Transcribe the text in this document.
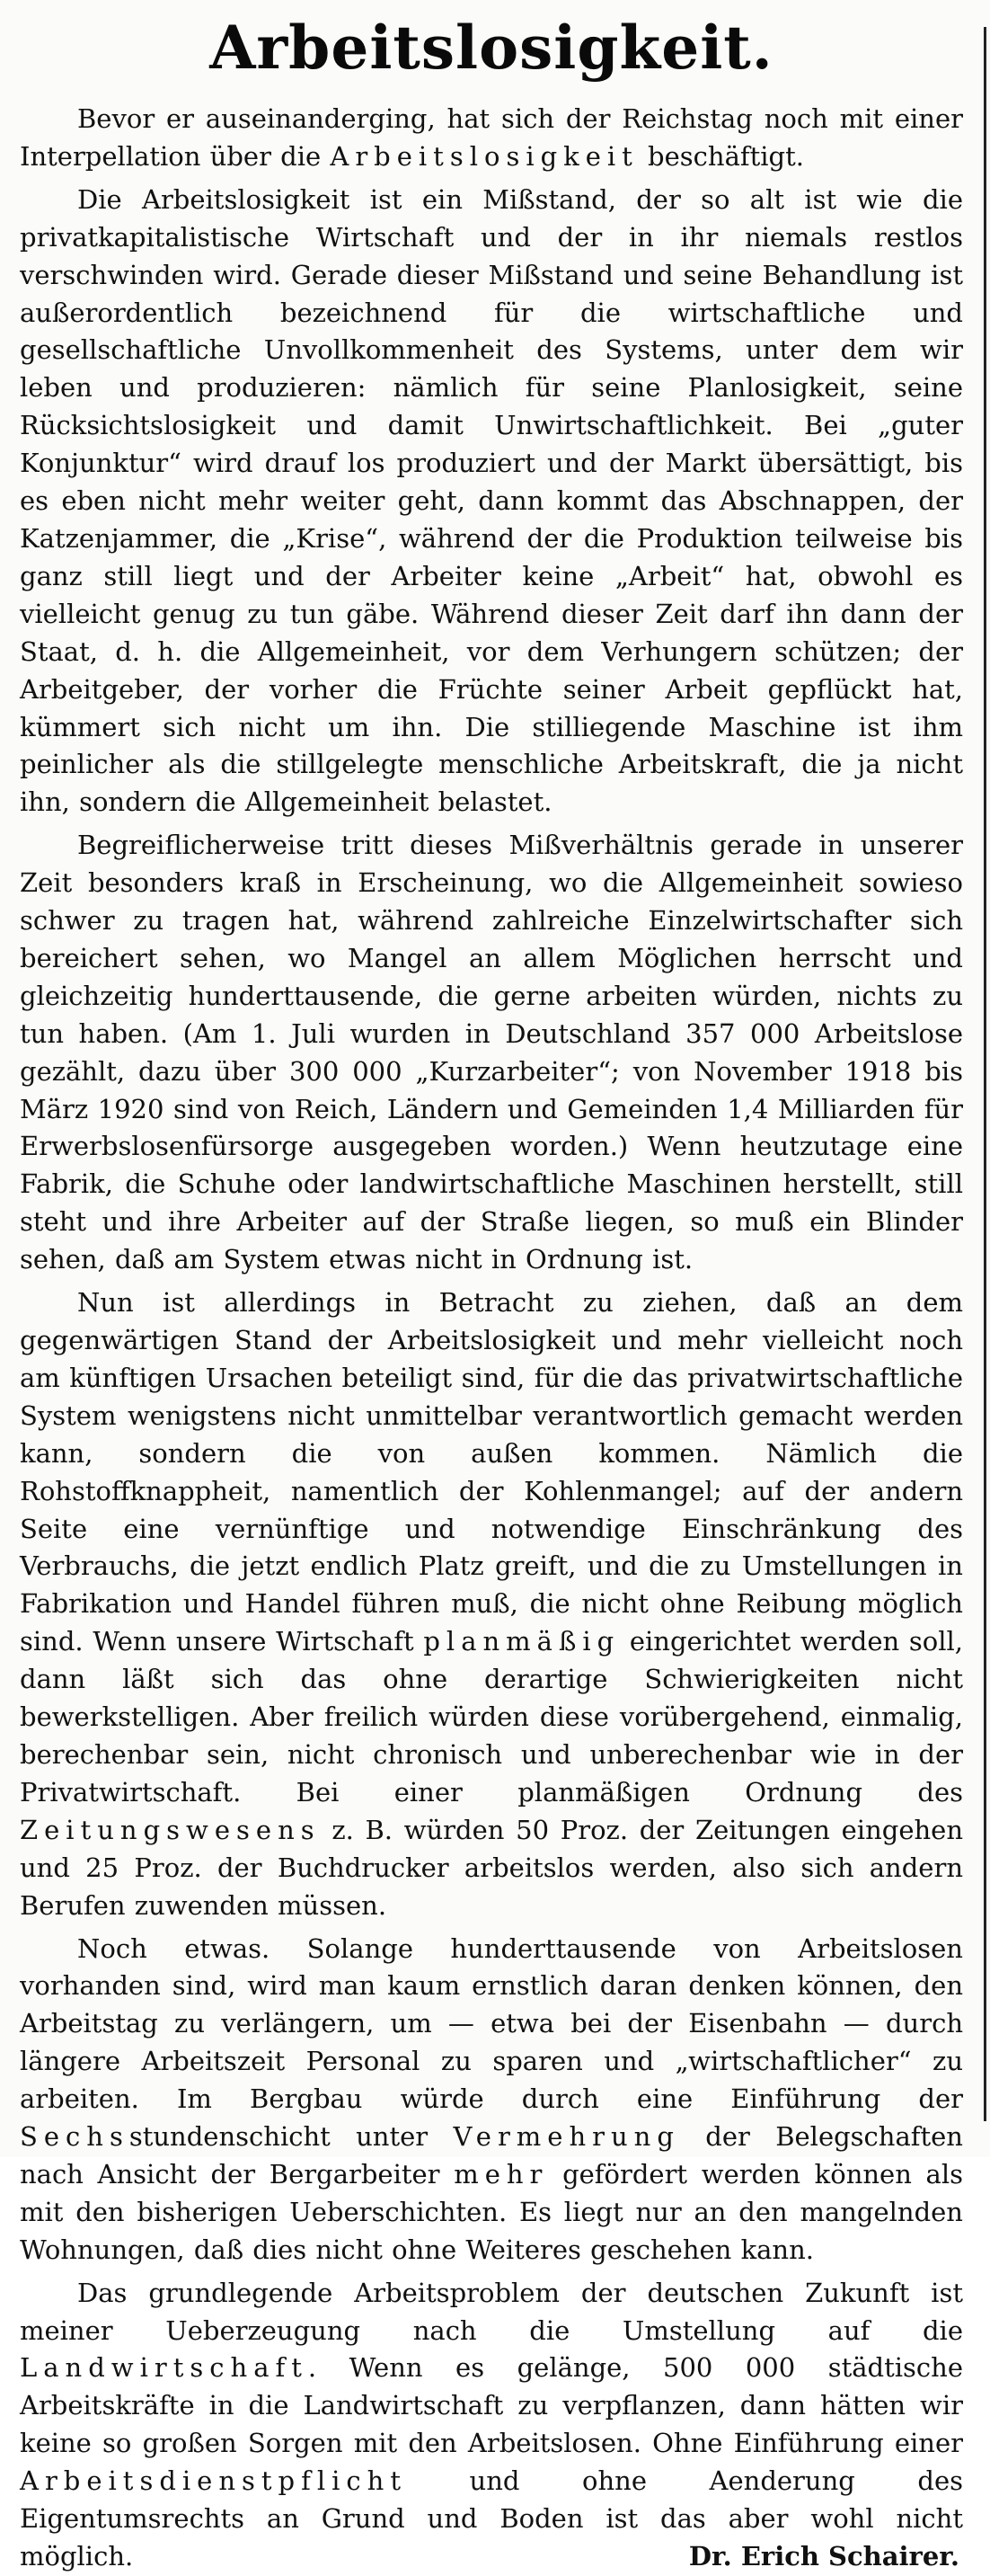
Arbeitslosigkeit.

Bevor er auseinanderging, hat sich der Reichstag noch mit einer Interpellation über die Arbeitslosigkeit beschäftigt.

Die Arbeitslosigkeit ist ein Mißstand, der so alt ist wie die privatkapitalistische Wirtschaft und der in ihr niemals restlos verschwinden wird. Gerade dieser Mißstand und seine Behandlung ist außerordentlich bezeichnend für die wirtschaftliche und gesellschaftliche Unvollkommenheit des Systems, unter dem wir leben und produzieren: nämlich für seine Planlosigkeit, seine Rücksichtslosigkeit und damit Unwirtschaftlichkeit. Bei „guter Konjunktur“ wird drauf los produziert und der Markt übersättigt, bis es eben nicht mehr weiter geht, dann kommt das Abschnappen, der Katzenjammer, die „Krise“, während der die Produktion teilweise bis ganz still liegt und der Arbeiter keine „Arbeit“ hat, obwohl es vielleicht genug zu tun gäbe. Während dieser Zeit darf ihn dann der Staat, d. h. die Allgemeinheit, vor dem Verhungern schützen; der Arbeitgeber, der vorher die Früchte seiner Arbeit gepflückt hat, kümmert sich nicht um ihn. Die stilliegende Maschine ist ihm peinlicher als die stillgelegte menschliche Arbeitskraft, die ja nicht ihn, sondern die Allgemeinheit belastet.

Begreiflicherweise tritt dieses Mißverhältnis gerade in unserer Zeit besonders kraß in Erscheinung, wo die Allgemeinheit sowieso schwer zu tragen hat, während zahlreiche Einzelwirtschafter sich bereichert sehen, wo Mangel an allem Möglichen herrscht und gleichzeitig hunderttausende, die gerne arbeiten würden, nichts zu tun haben. (Am 1. Juli wurden in Deutschland 357 000 Arbeitslose gezählt, dazu über 300 000 „Kurzarbeiter“; von November 1918 bis März 1920 sind von Reich, Ländern und Gemeinden 1,4 Milliarden für Erwerbslosenfürsorge ausgegeben worden.) Wenn heutzutage eine Fabrik, die Schuhe oder landwirtschaftliche Maschinen herstellt, still steht und ihre Arbeiter auf der Straße liegen, so muß ein Blinder sehen, daß am System etwas nicht in Ordnung ist.

Nun ist allerdings in Betracht zu ziehen, daß an dem gegenwärtigen Stand der Arbeitslosigkeit und mehr vielleicht noch am künftigen Ursachen beteiligt sind, für die das privatwirtschaftliche System wenigstens nicht unmittelbar verantwortlich gemacht werden kann, sondern die von außen kommen. Nämlich die Rohstoffknappheit, namentlich der Kohlenmangel; auf der andern Seite eine vernünftige und notwendige Einschränkung des Verbrauchs, die jetzt endlich Platz greift, und die zu Umstellungen in Fabrikation und Handel führen muß, die nicht ohne Reibung möglich sind. Wenn unsere Wirtschaft planmäßig eingerichtet werden soll, dann läßt sich das ohne derartige Schwierigkeiten nicht bewerkstelligen. Aber freilich würden diese vorübergehend, einmalig, berechenbar sein, nicht chronisch und unberechenbar wie in der Privatwirtschaft. Bei einer planmäßigen Ordnung des Zeitungswesens z. B. würden 50 Proz. der Zeitungen eingehen und 25 Proz. der Buchdrucker arbeitslos werden, also sich andern Berufen zuwenden müssen.

Noch etwas. Solange hunderttausende von Arbeitslosen vorhanden sind, wird man kaum ernstlich daran denken können, den Arbeitstag zu verlängern, um — etwa bei der Eisenbahn — durch längere Arbeitszeit Personal zu sparen und „wirtschaftlicher“ zu arbeiten. Im Bergbau würde durch eine Einführung der Sechsstundenschicht unter Vermehrung der Belegschaften nach Ansicht der Bergarbeiter mehr gefördert werden können als mit den bisherigen Ueberschichten. Es liegt nur an den mangelnden Wohnungen, daß dies nicht ohne Weiteres geschehen kann.

Das grundlegende Arbeitsproblem der deutschen Zukunft ist meiner Ueberzeugung nach die Umstellung auf die Landwirtschaft. Wenn es gelänge, 500 000 städtische Arbeitskräfte in die Landwirtschaft zu verpflanzen, dann hätten wir keine so großen Sorgen mit den Arbeitslosen. Ohne Einführung einer Arbeitsdienstpflicht und ohne Aenderung des Eigentumsrechts an Grund und Boden ist das aber wohl nicht möglich.	Dr. Erich Schairer.
